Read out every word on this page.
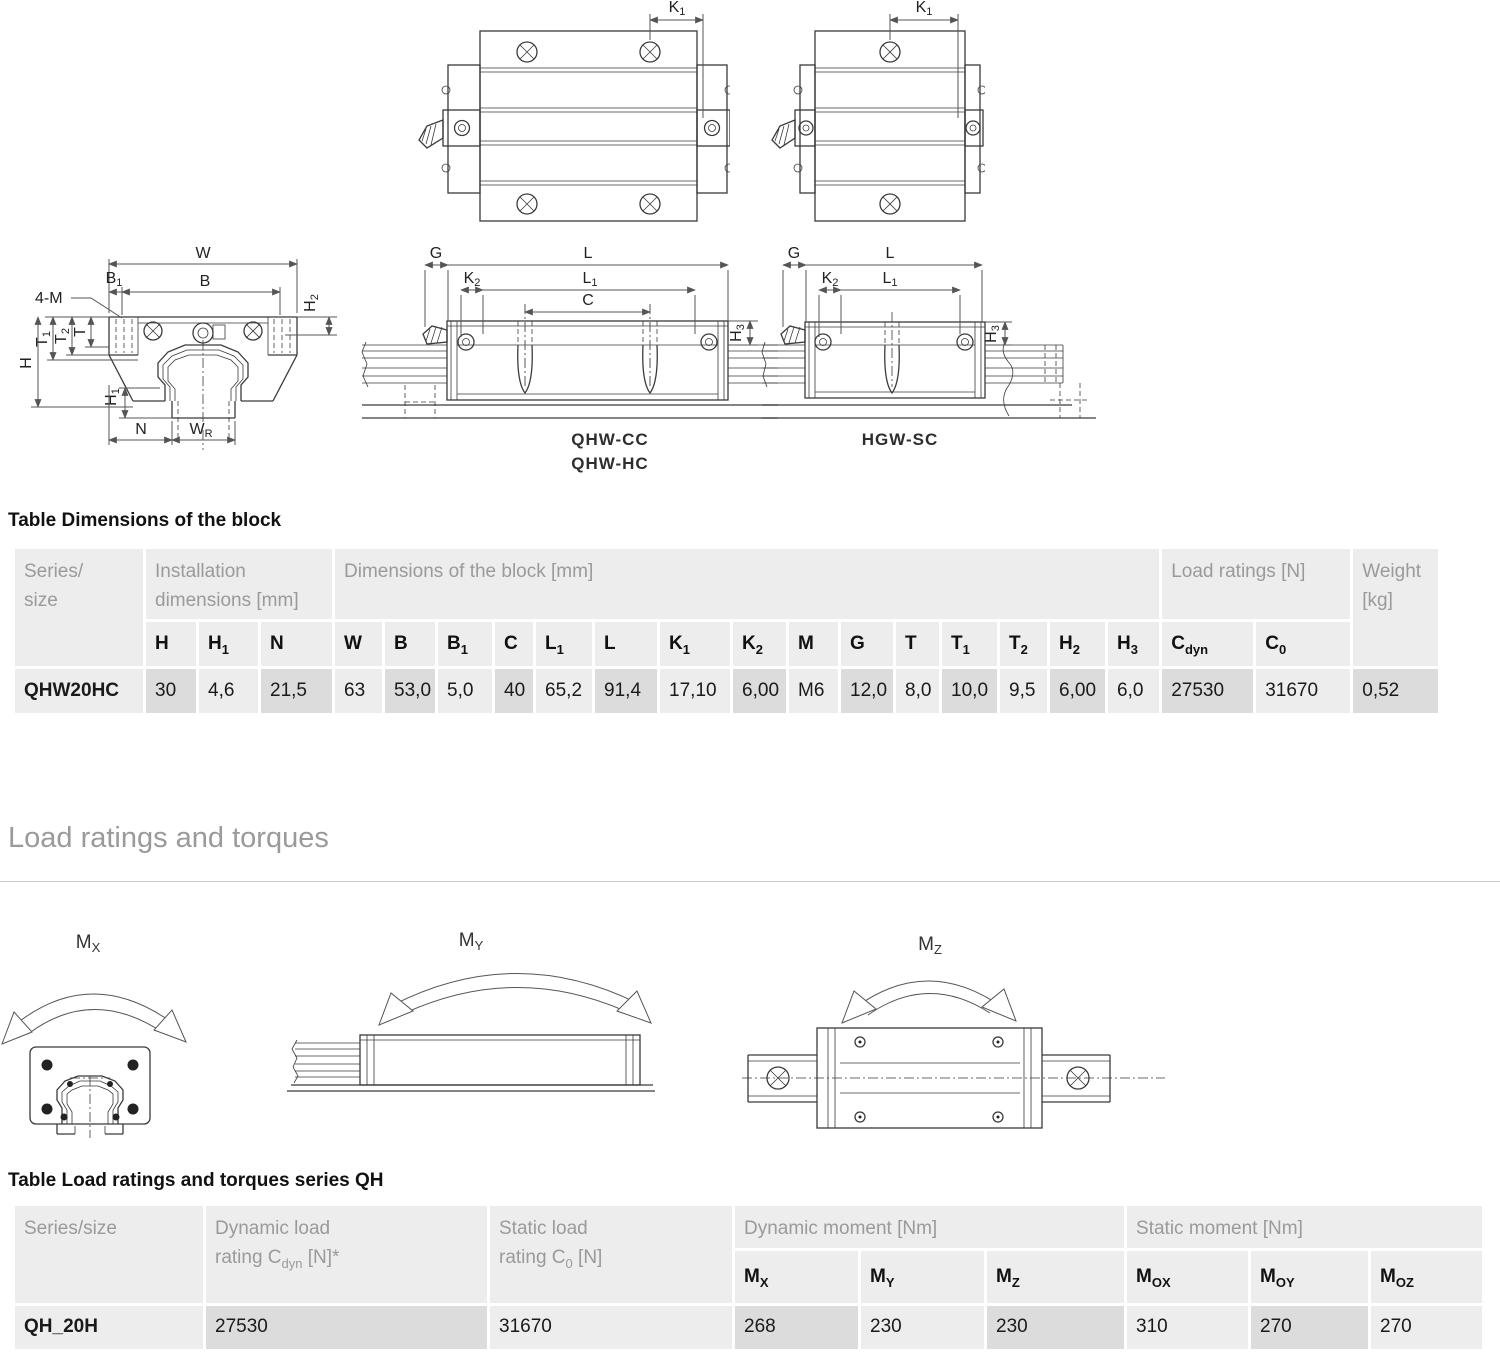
K1	K1
W
B
B1
4-M	H2
T
T2
T1
H
H1
N	WR
G	L
K2	L1
C
H3
QHW-CC
QHW-HC
G	L
K2	L1
H3
HGW-SC
Table Dimensions of the block
Series/
size

Installation
dimensions [mm]

Dimensions of the block [mm]	Load ratings [N]	Weight
[kg]

	H	$H_1$	N	W	B	$B_1$	C	$L_1$	L	$K_1$	$K_2$	M	G	T	$T_1$	$T_2$	$H_2$	$H_3$	$C_{dyn}$	$C_0$
QHW20HC	30	4,6	21,5	63	53,0	5,0	40	65,2	91,4	17,10	6,00	M6	12,0	8,0	10,0	9,5	6,00	6,0	27530	31670	0,52
Load ratings and torques
$M_X$	$M_Y$	$M_Z$
Table Load ratings and torques series QH
Series/size	Dynamic load
rating $C_{dyn}$ [N]*

Static load
rating $C_0$ [N]

Dynamic moment [Nm]	Static moment [Nm]

			$M_X$	$M_Y$	$M_Z$	$M_{OX}$	$M_{OY}$	$M_{OZ}$
QH_20H	27530	31670	268	230	230	310	270	270
